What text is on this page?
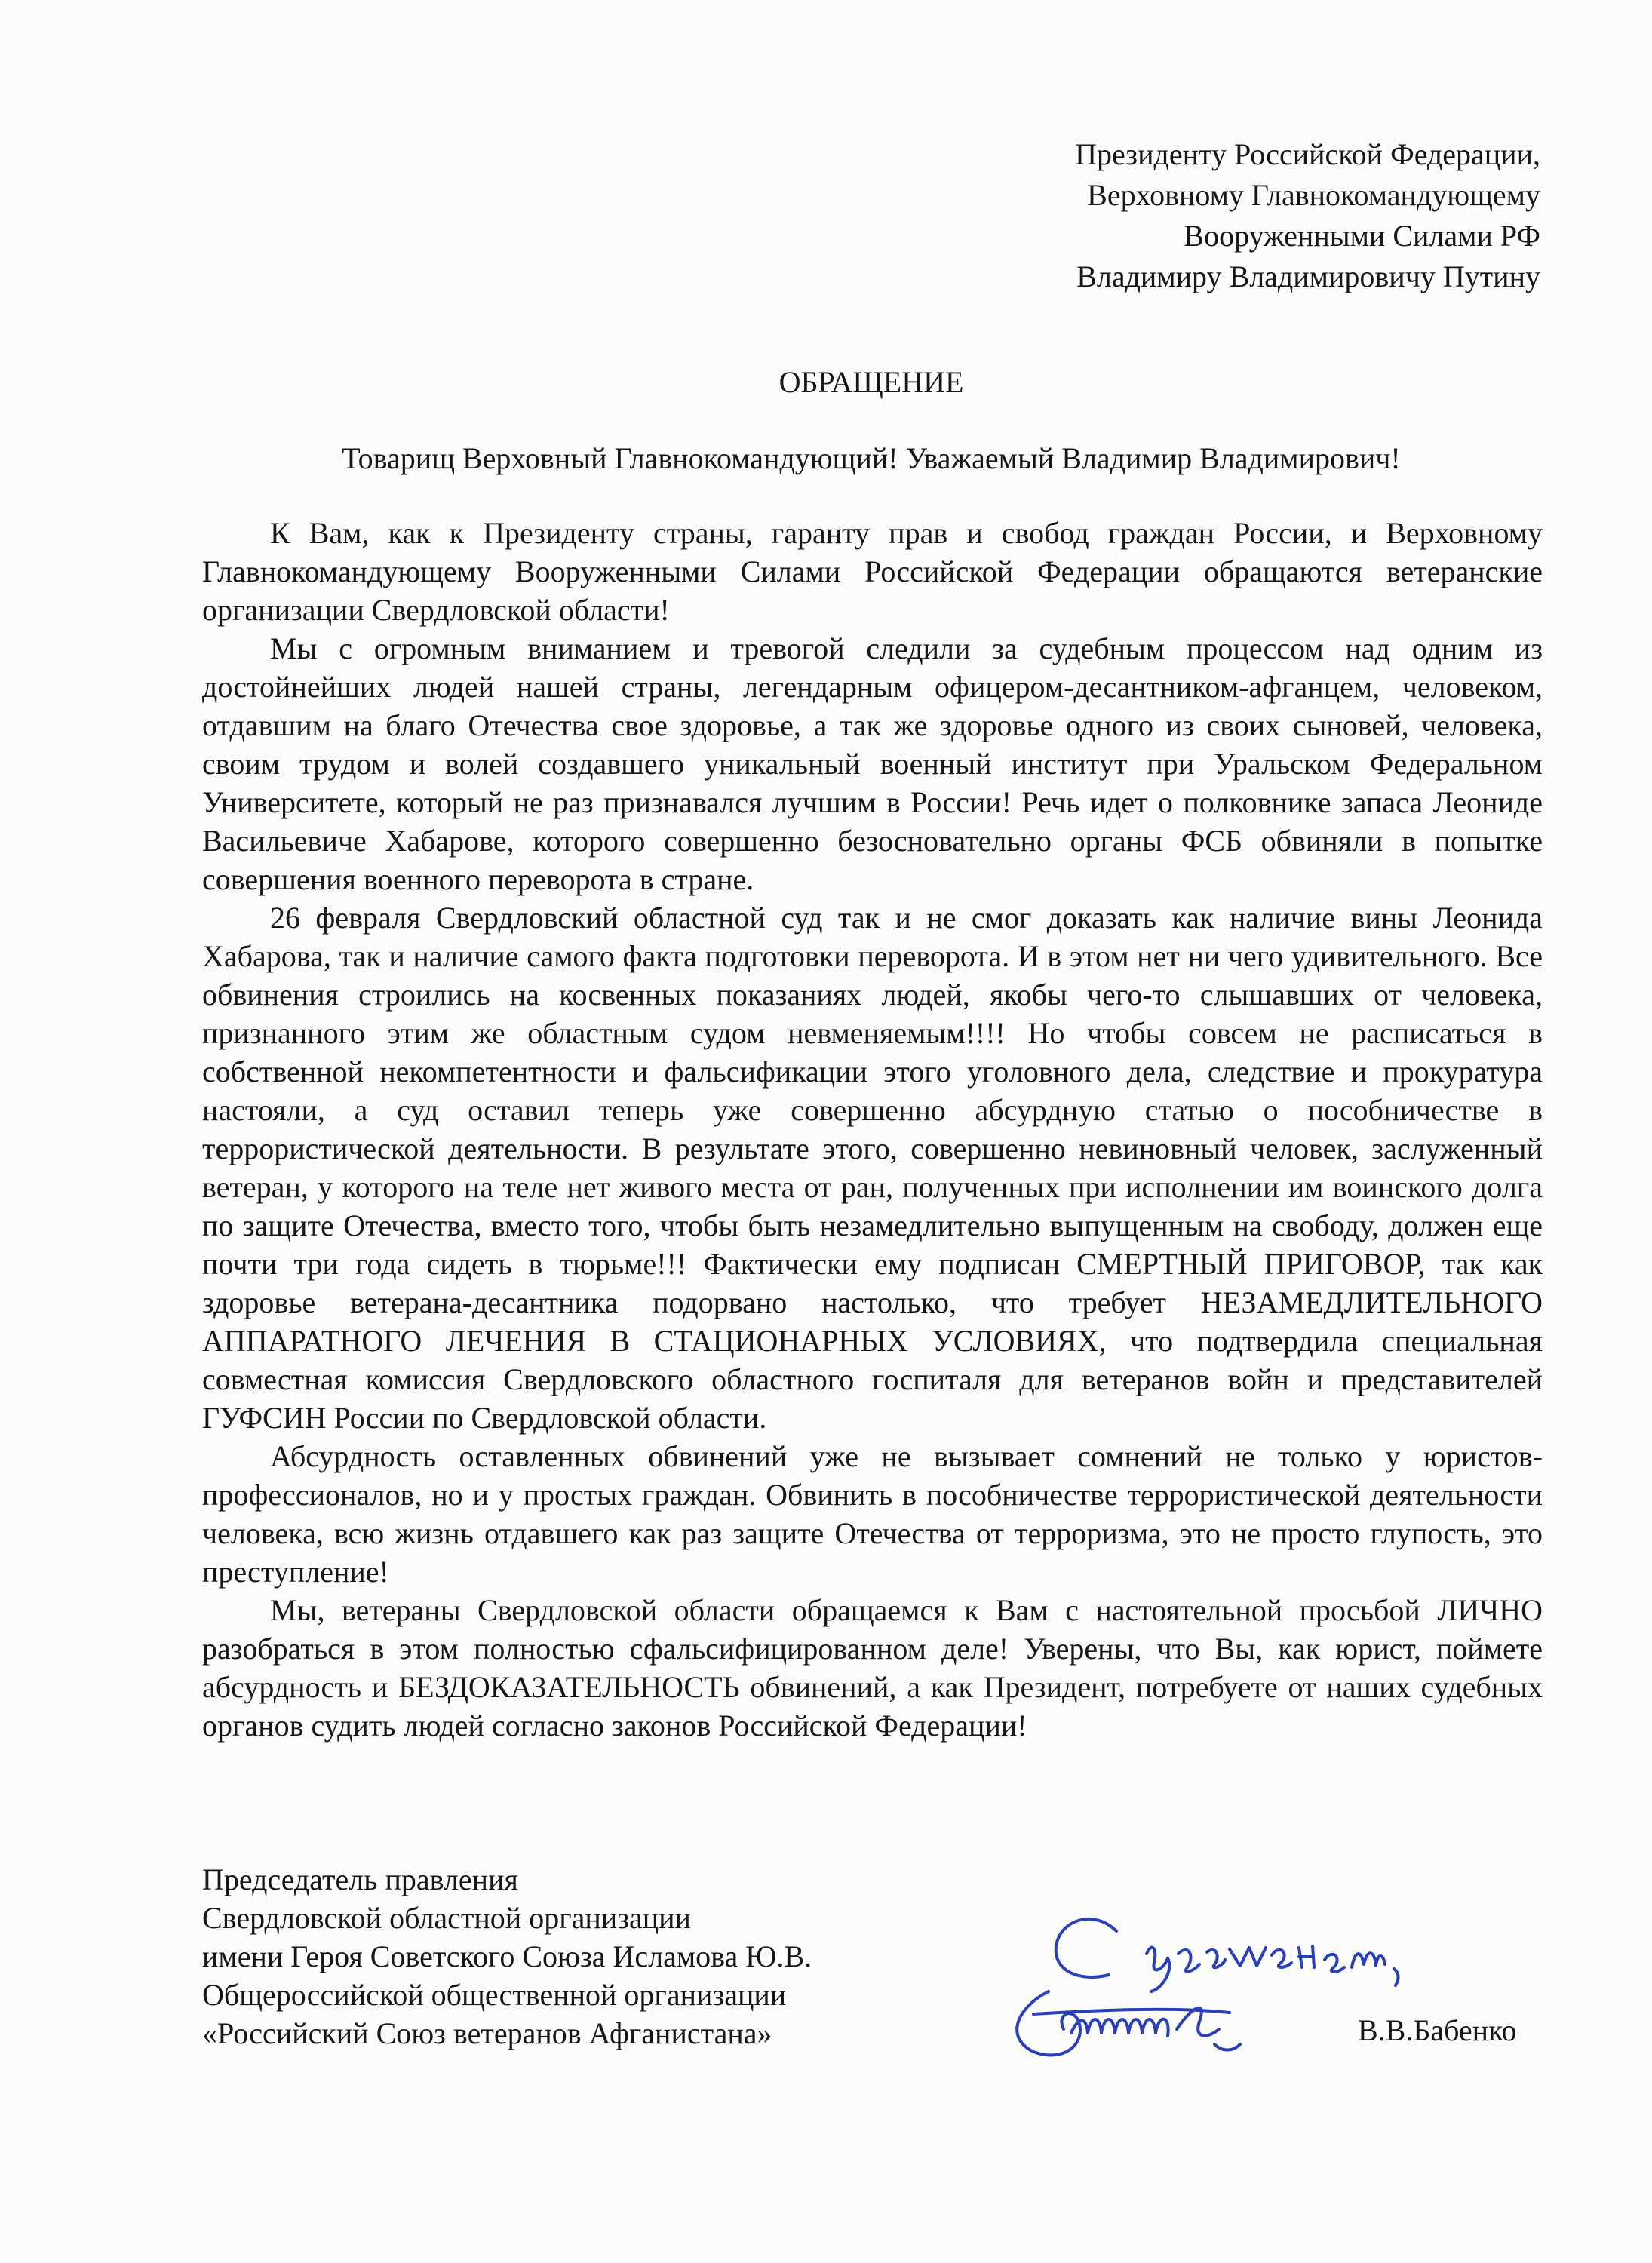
Президенту Российской Федерации,
Верховному Главнокомандующему
Вооруженными Силами РФ
Владимиру Владимировичу Путину
ОБРАЩЕНИЕ
Товарищ Верховный Главнокомандующий! Уважаемый Владимир Владимирович!

К Вам, как к Президенту страны, гаранту прав и свобод граждан России, и Верховному Главнокомандующему Вооруженными Силами Российской Федерации обращаются ветеранские организации Свердловской области!

Мы с огромным вниманием и тревогой следили за судебным процессом над одним из достойнейших людей нашей страны, легендарным офицером-десантником-афганцем, человеком, отдавшим на благо Отечества свое здоровье, а так же здоровье одного из своих сыновей, человека, своим трудом и волей создавшего уникальный военный институт при Уральском Федеральном Университете, который не раз признавался лучшим в России! Речь идет о полковнике запаса Леониде Васильевиче Хабарове, которого совершенно безосновательно органы ФСБ обвиняли в попытке совершения военного переворота в стране.

26 февраля Свердловский областной суд так и не смог доказать как наличие вины Леонида Хабарова, так и наличие самого факта подготовки переворота. И в этом нет ни чего удивительного. Все обвинения строились на косвенных показаниях людей, якобы чего-то слышавших от человека, признанного этим же областным судом невменяемым!!!! Но чтобы совсем не расписаться в собственной некомпетентности и фальсификации этого уголовного дела, следствие и прокуратура настояли, а суд оставил теперь уже совершенно абсурдную статью о пособничестве в террористической деятельности. В результате этого, совершенно невиновный человек, заслуженный ветеран, у которого на теле нет живого места от ран, полученных при исполнении им воинского долга по защите Отечества, вместо того, чтобы быть незамедлительно выпущенным на свободу, должен еще почти три года сидеть в тюрьме!!! Фактически ему подписан СМЕРТНЫЙ ПРИГОВОР, так как здоровье ветерана-десантника подорвано настолько, что требует НЕЗАМЕДЛИТЕЛЬНОГО АППАРАТНОГО ЛЕЧЕНИЯ В СТАЦИОНАРНЫХ УСЛОВИЯХ, что подтвердила специальная совместная комиссия Свердловского областного госпиталя для ветеранов войн и представителей ГУФСИН России по Свердловской области.

Абсурдность оставленных обвинений уже не вызывает сомнений не только у юристов-профессионалов, но и у простых граждан. Обвинить в пособничестве террористической деятельности человека, всю жизнь отдавшего как раз защите Отечества от терроризма, это не просто глупость, это преступление!

Мы, ветераны Свердловской области обращаемся к Вам с настоятельной просьбой ЛИЧНО разобраться в этом полностью сфальсифицированном деле! Уверены, что Вы, как юрист, поймете абсурдность и БЕЗДОКАЗАТЕЛЬНОСТЬ обвинений, а как Президент, потребуете от наших судебных органов судить людей согласно законов Российской Федерации!

Председатель правления
Свердловской областной организации
имени Героя Советского Союза Исламова Ю.В.
Общероссийской общественной организации
«Российский Союз ветеранов Афганистана»	В.В.Бабенко
